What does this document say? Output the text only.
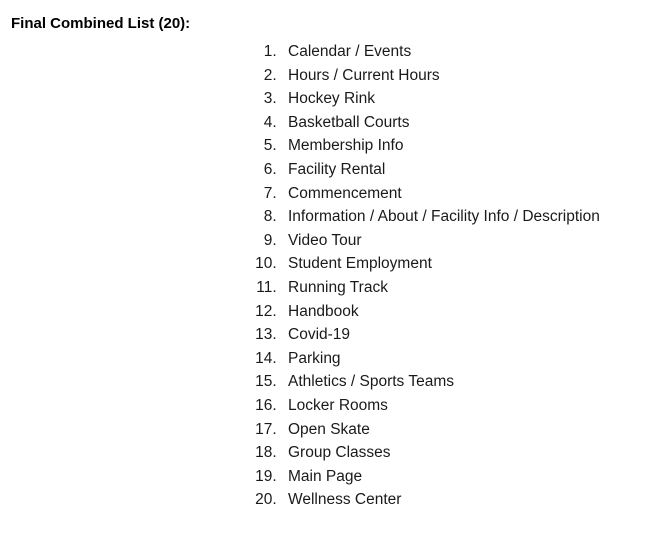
Final Combined List (20):
1. Calendar / Events
2. Hours / Current Hours
3. Hockey Rink
4. Basketball Courts
5. Membership Info
6. Facility Rental
7. Commencement
8. Information / About / Facility Info / Description
9. Video Tour
10. Student Employment
11. Running Track
12. Handbook
13. Covid-19
14. Parking
15. Athletics / Sports Teams
16. Locker Rooms
17. Open Skate
18. Group Classes
19. Main Page
20. Wellness Center
